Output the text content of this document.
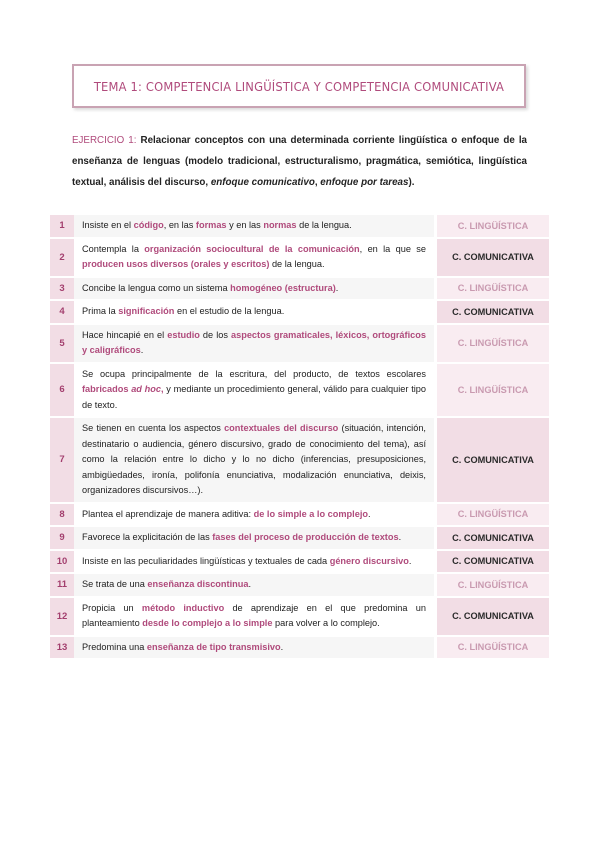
TEMA 1: COMPETENCIA LINGÜÍSTICA Y COMPETENCIA COMUNICATIVA
EJERCICIO 1: Relacionar conceptos con una determinada corriente lingüística o enfoque de la enseñanza de lenguas (modelo tradicional, estructuralismo, pragmática, semiótica, lingüística textual, análisis del discurso, enfoque comunicativo, enfoque por tareas).
1	Insiste en el código, en las formas y en las normas de la lengua.	C. LINGÜÍSTICA
2	Contempla la organización sociocultural de la comunicación, en la que se producen usos diversos (orales y escritos) de la lengua.	C. COMUNICATIVA
3	Concibe la lengua como un sistema homogéneo (estructura).	C. LINGÜÍSTICA
4	Prima la significación en el estudio de la lengua.	C. COMUNICATIVA
5	Hace hincapié en el estudio de los aspectos gramaticales, léxicos, ortográficos y caligráficos.	C. LINGÜÍSTICA
6	Se ocupa principalmente de la escritura, del producto, de textos escolares fabricados ad hoc, y mediante un procedimiento general, válido para cualquier tipo de texto.	C. LINGÜÍSTICA
7	Se tienen en cuenta los aspectos contextuales del discurso (situación, intención, destinatario o audiencia, género discursivo, grado de conocimiento del tema), así como la relación entre lo dicho y lo no dicho (inferencias, presuposiciones, ambigüedades, ironía, polifonía enunciativa, modalización enunciativa, deixis, organizadores discursivos…).	C. COMUNICATIVA
8	Plantea el aprendizaje de manera aditiva: de lo simple a lo complejo.	C. LINGÜÍSTICA
9	Favorece la explicitación de las fases del proceso de producción de textos.	C. COMUNICATIVA
10	Insiste en las peculiaridades lingüísticas y textuales de cada género discursivo.	C. COMUNICATIVA
11	Se trata de una enseñanza discontinua.	C. LINGÜÍSTICA
12	Propicia un método inductivo de aprendizaje en el que predomina un planteamiento desde lo complejo a lo simple para volver a lo complejo.	C. COMUNICATIVA
13	Predomina una enseñanza de tipo transmisivo.	C. LINGÜÍSTICA
